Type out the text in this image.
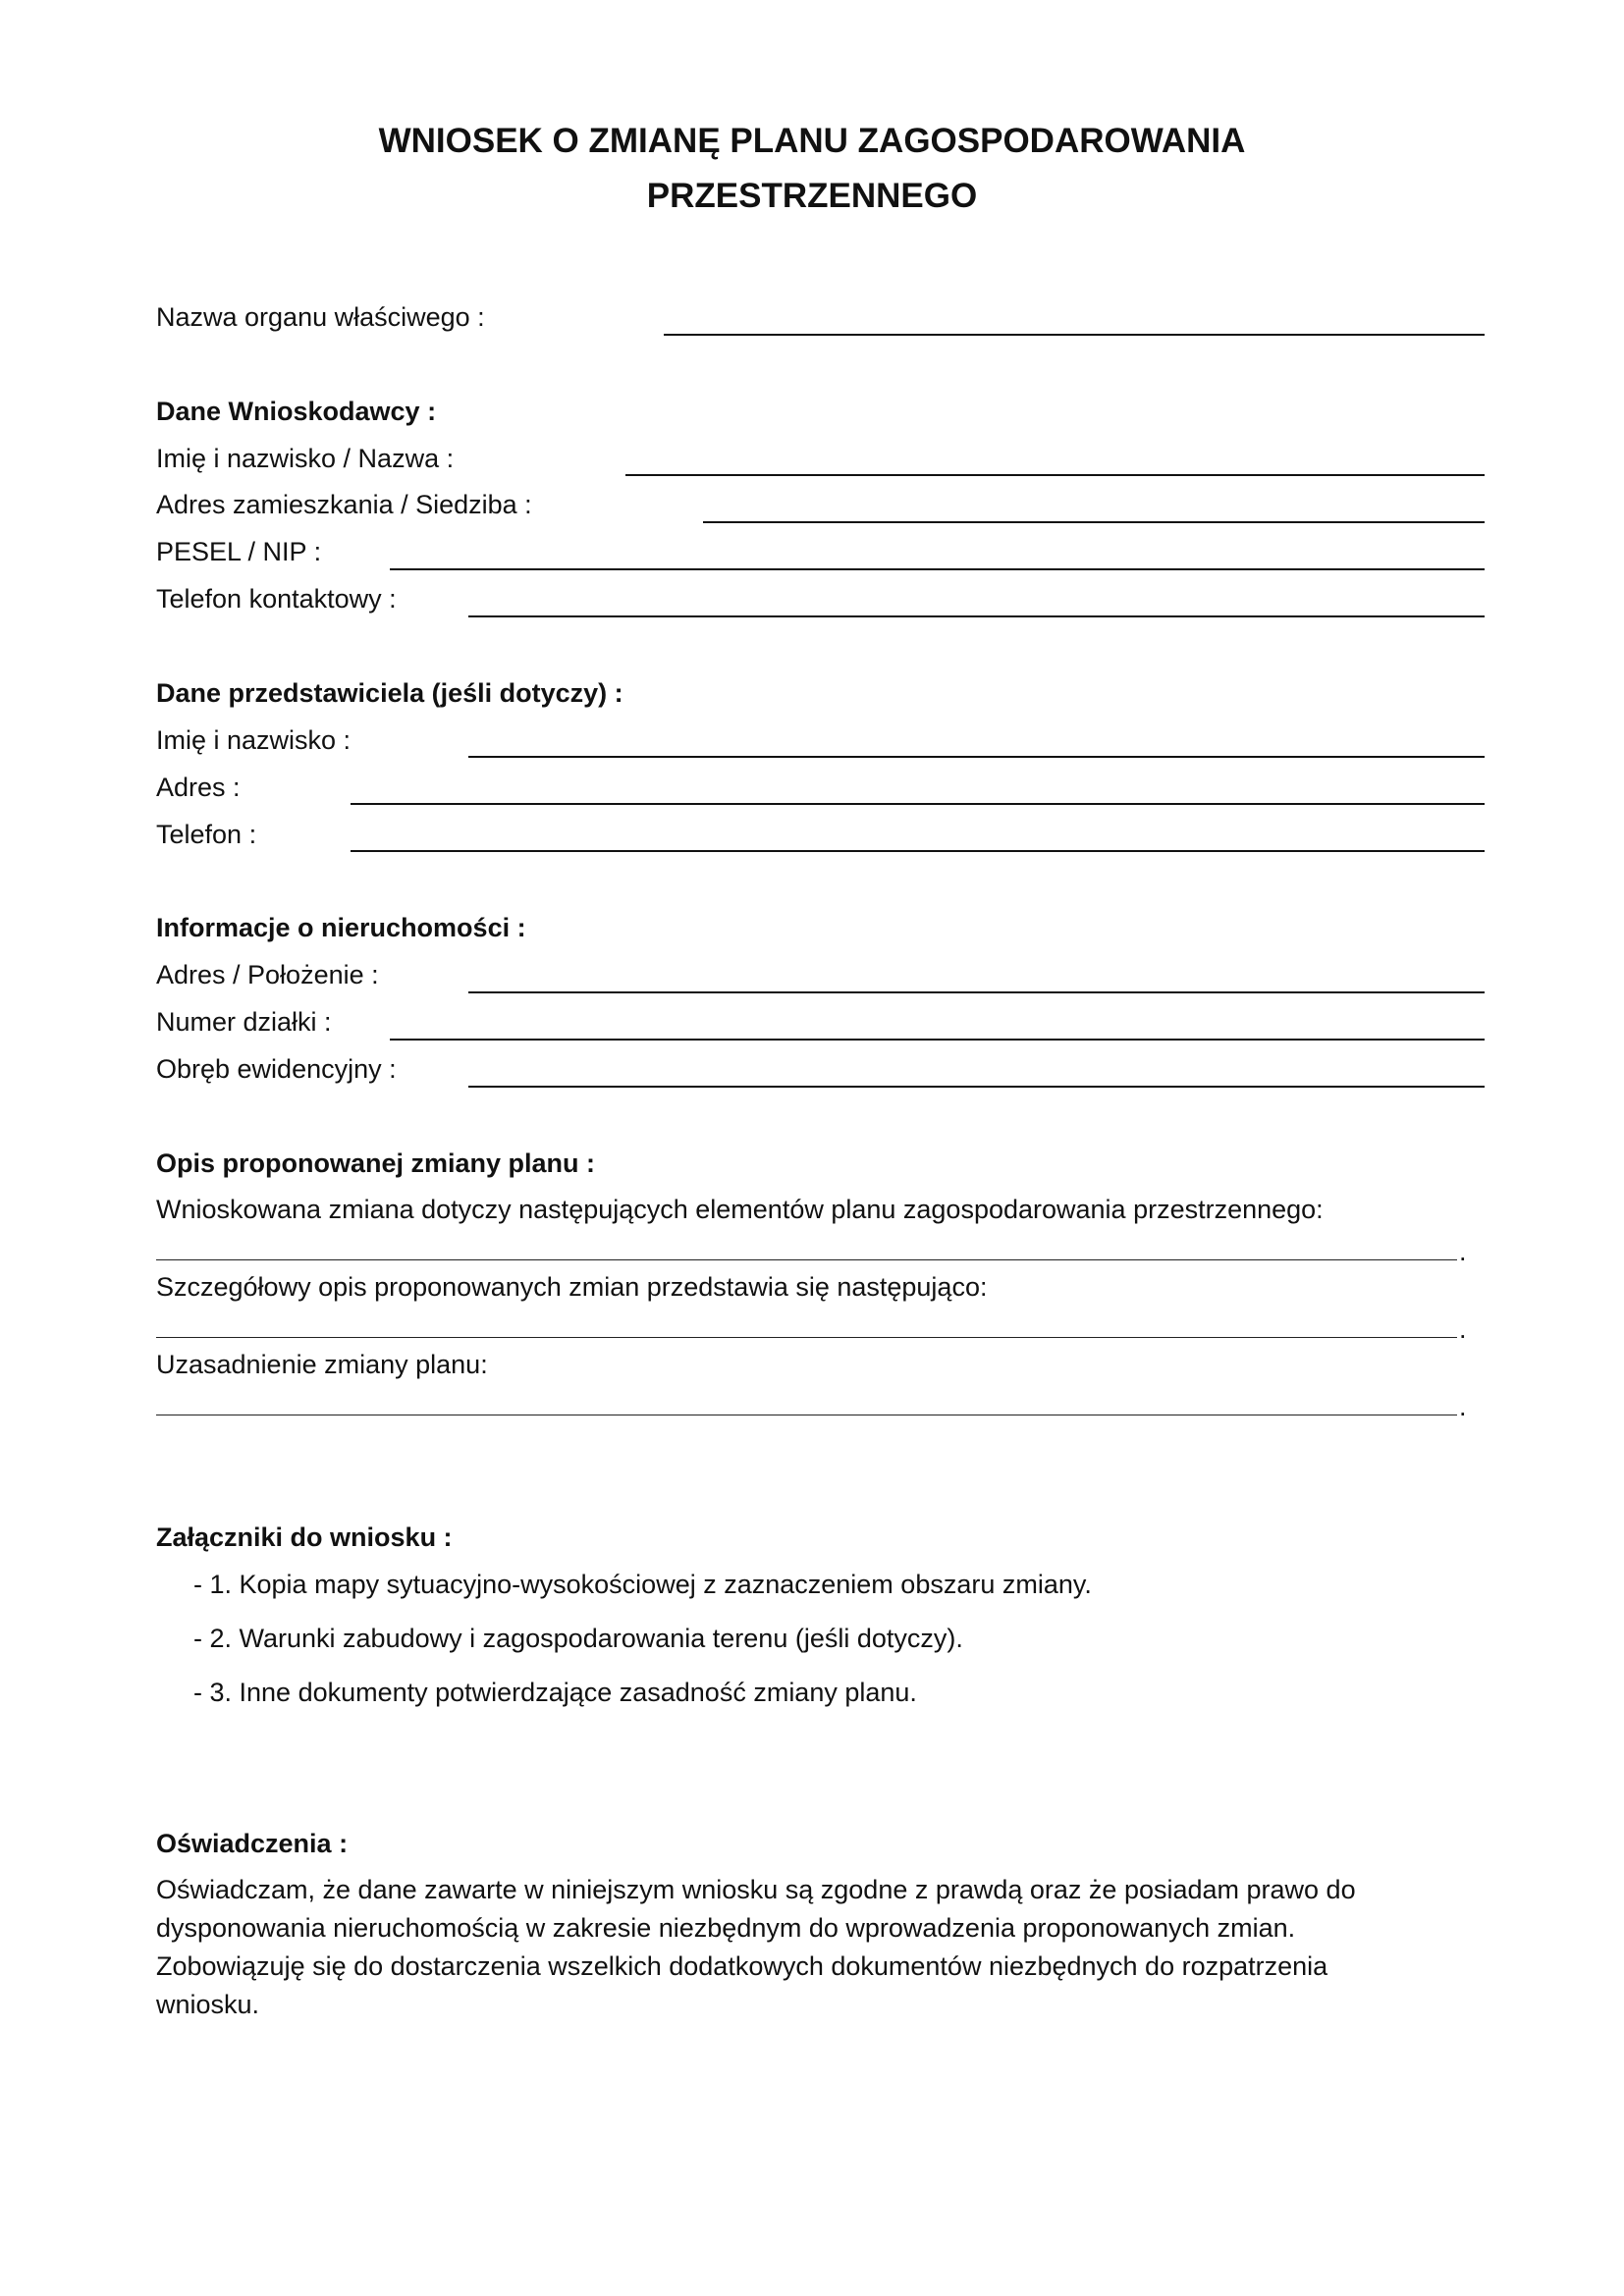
WNIOSEK O ZMIANĘ PLANU ZAGOSPODAROWANIA
PRZESTRZENNEGO
Nazwa organu właściwego :
Dane Wnioskodawcy :
Imię i nazwisko / Nazwa :
Adres zamieszkania / Siedziba :
PESEL / NIP :
Telefon kontaktowy :
Dane przedstawiciela (jeśli dotyczy) :
Imię i nazwisko :
Adres :
Telefon :
Informacje o nieruchomości :
Adres / Położenie :
Numer działki :
Obręb ewidencyjny :
Opis proponowanej zmiany planu :
Wnioskowana zmiana dotyczy następujących elementów planu zagospodarowania przestrzennego:
.
Szczegółowy opis proponowanych zmian przedstawia się następująco:
.
Uzasadnienie zmiany planu:
.
Załączniki do wniosku :
- 1. Kopia mapy sytuacyjno-wysokościowej z zaznaczeniem obszaru zmiany.
- 2. Warunki zabudowy i zagospodarowania terenu (jeśli dotyczy).
- 3. Inne dokumenty potwierdzające zasadność zmiany planu.
Oświadczenia :

Oświadczam, że dane zawarte w niniejszym wniosku są zgodne z prawdą oraz że posiadam prawo do dysponowania nieruchomością w zakresie niezbędnym do wprowadzenia proponowanych zmian. Zobowiązuję się do dostarczenia wszelkich dodatkowych dokumentów niezbędnych do rozpatrzenia wniosku.
